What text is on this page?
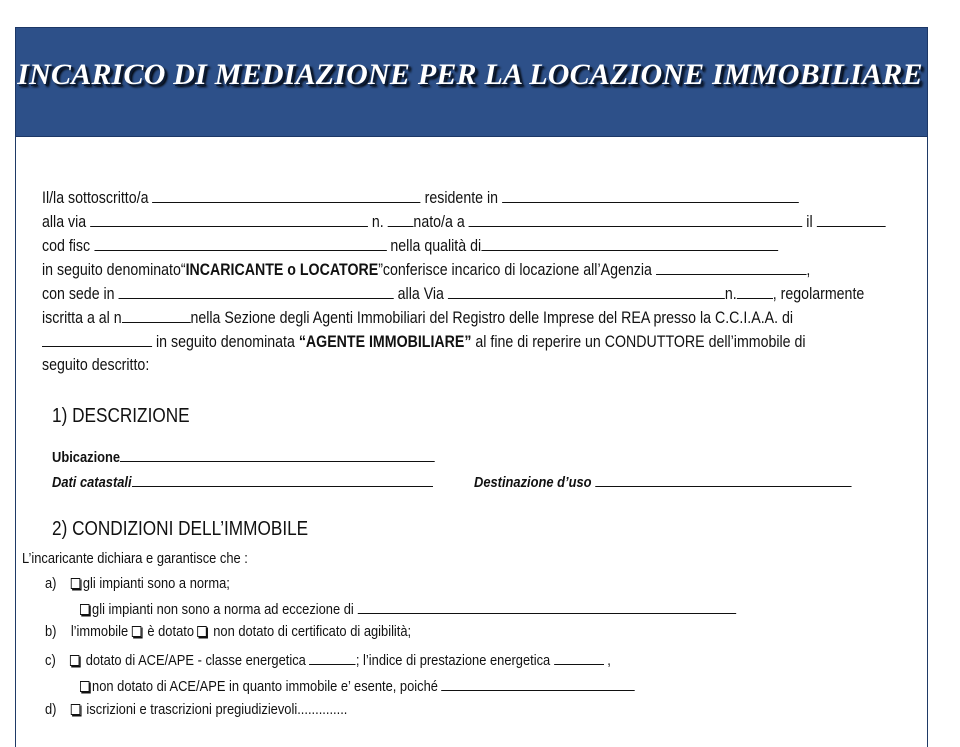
INCARICO DI MEDIAZIONE PER LA LOCAZIONE IMMOBILIARE
Il/la sottoscritto/a	residente in
alla via	n. nato/a a	il
cod fisc	nella qualità di
in seguito denominato“INCARICANTE o LOCATORE”conferisce incarico di locazione all’Agenzia	,
con sede in	alla Via	n. , regolarmente
iscritta a al n	nella Sezione degli Agenti Immobiliari del Registro delle Imprese del REA presso la C.C.I.A.A. di
in seguito denominata “AGENTE IMMOBILIARE” al fine di reperire un CONDUTTORE dell’immobile di
seguito descritto:
1) DESCRIZIONE
Ubicazione
Dati catastali	Destinazione d’uso
2) CONDIZIONI DELL’IMMOBILE
L’incaricante dichiara e garantisce che :
a) gli impianti sono a norma;
gli impianti non sono a norma ad eccezione di
b) l’immobile  è dotato  non dotato di certificato di agibilità;
c)     dotato di ACE/APE - classe energetica	; l’indice di prestazione energetica	,
non dotato di ACE/APE in quanto immobile e’ esente, poiché
d)     iscrizioni e trascrizioni pregiudizievoli..............
